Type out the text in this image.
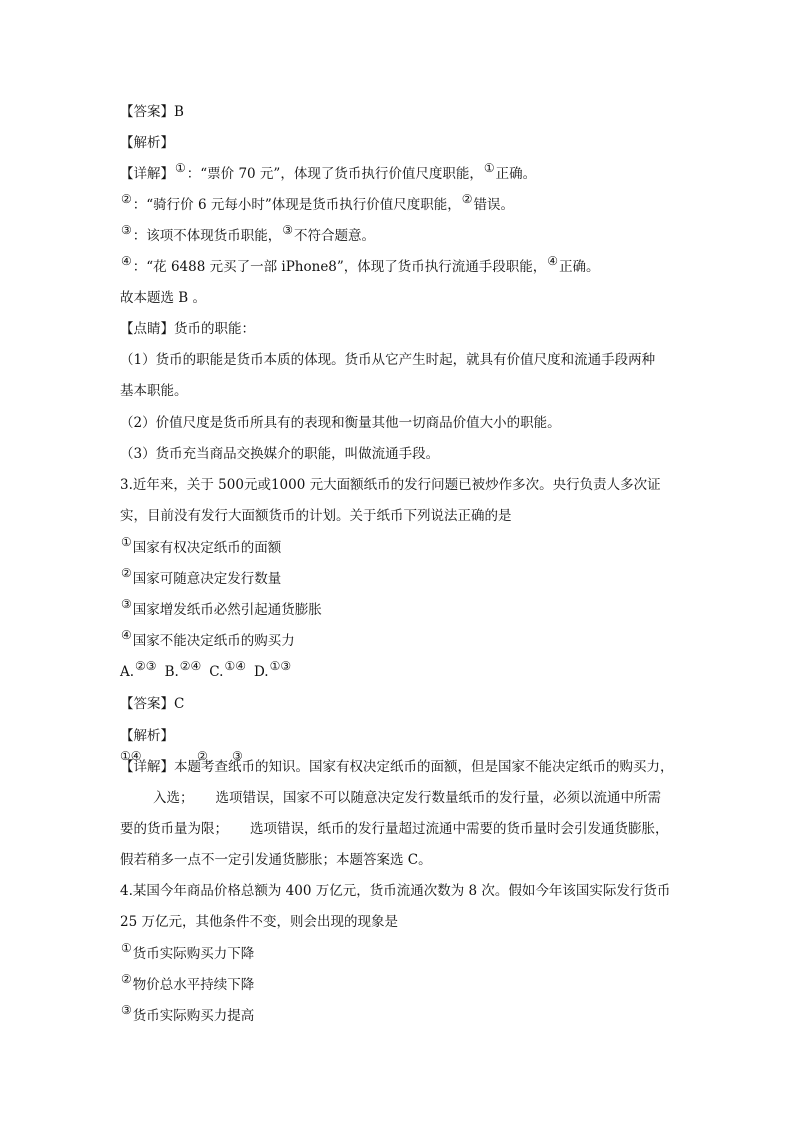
【答案】B
【解析】
【详解】①：“票价 70 元”，体现了货币执行价值尺度职能，①正确。
②：“骑行价 6 元每小时”体现是货币执行价值尺度职能，②错误。
③：该项不体现货币职能，③不符合题意。
④：“花 6488 元买了一部 iPhone8”，体现了货币执行流通手段职能，④正确。
故本题选 B 。
【点睛】货币的职能：
（1）货币的职能是货币本质的体现。货币从它产生时起，就具有价值尺度和流通手段两种
基本职能。
（2）价值尺度是货币所具有的表现和衡量其他一切商品价值大小的职能。
（3）货币充当商品交换媒介的职能，叫做流通手段。
3.近年来，关于 500元或1000 元大面额纸币的发行问题已被炒作多次。央行负责人多次证
实，目前没有发行大面额货币的计划。关于纸币下列说法正确的是
①国家有权决定纸币的面额
②国家可随意决定发行数量
③国家增发纸币必然引起通货膨胀
④国家不能决定纸币的购买力
A.②③ B.②④ C.①④ D.①③
【答案】C
【解析】
①④	② ③
【详解】本题考查纸币的知识。国家有权决定纸币的面额，但是国家不能决定纸币的购买力，
入选； 选项错误，国家不可以随意决定发行数量纸币的发行量，必须以流通中所需
要的货币量为限； 选项错误，纸币的发行量超过流通中需要的货币量时会引发通货膨胀，
假若稍多一点不一定引发通货膨胀；本题答案选 C。
4.某国今年商品价格总额为 400 万亿元，货币流通次数为 8 次。假如今年该国实际发行货币
25 万亿元，其他条件不变，则会出现的现象是
①货币实际购买力下降
②物价总水平持续下降
③货币实际购买力提高
